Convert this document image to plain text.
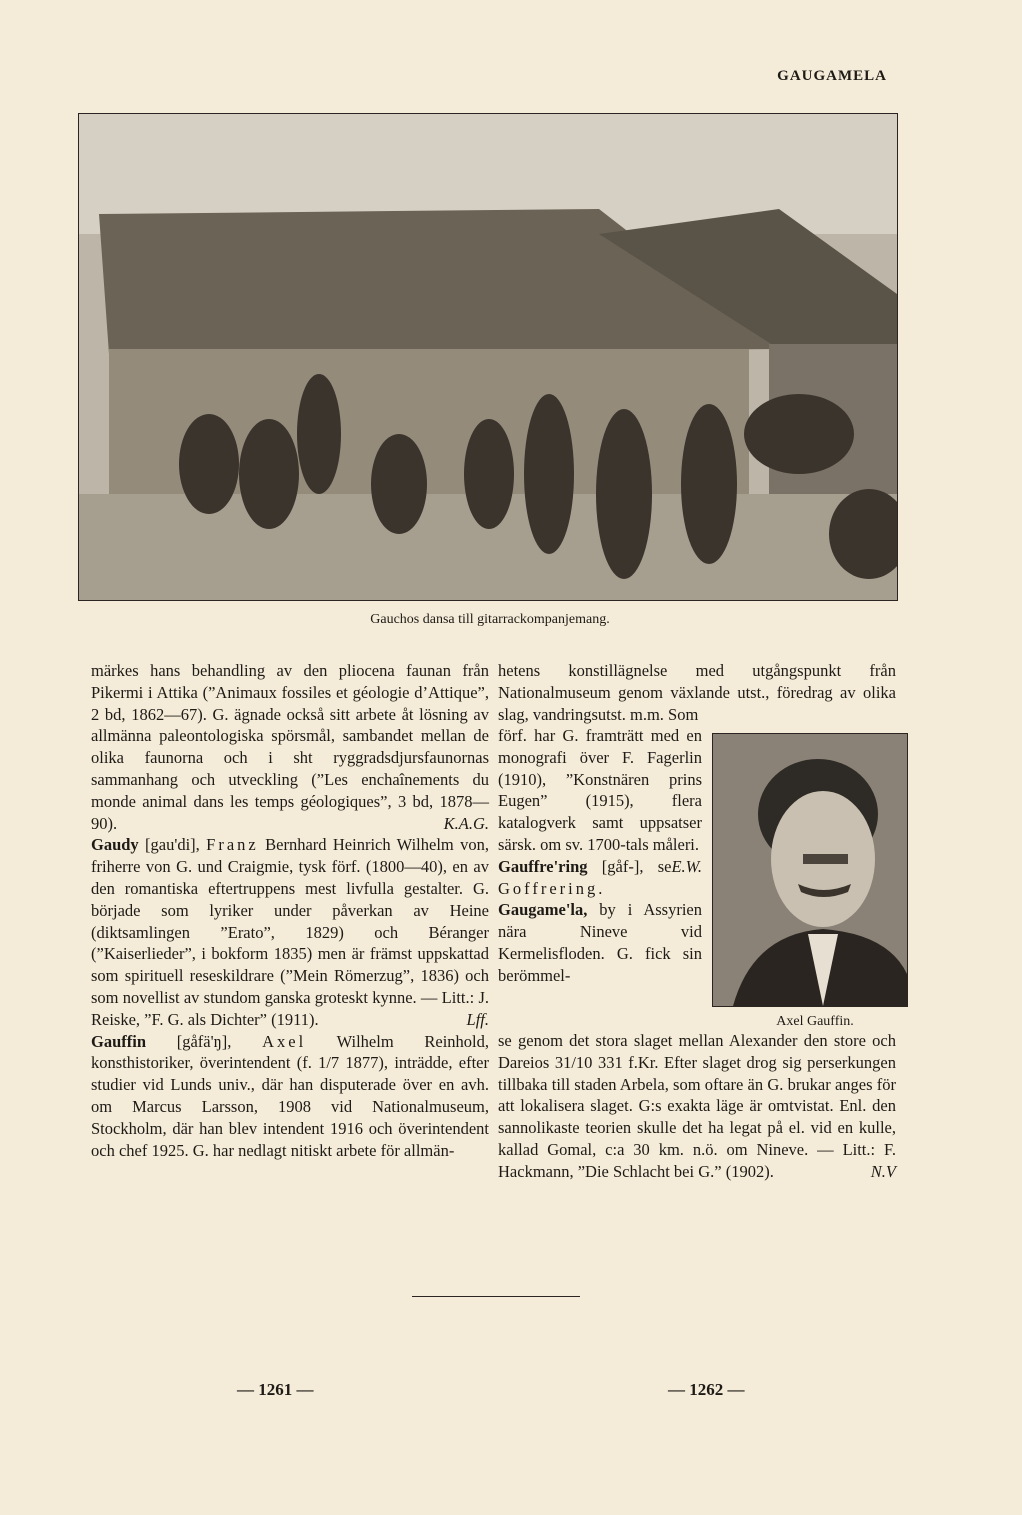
GAUGAMELA
Gauchos dansa till gitarrackompanjemang.

märkes hans behandling av den pliocena faunan från Pikermi i Attika (”Animaux fossiles et géologie d’Attique”, 2 bd, 1862—67). G. ägnade också sitt arbete åt lösning av allmänna paleontologiska spörsmål, sambandet mellan de olika faunorna och i sht ryggradsdjursfaunornas sammanhang och utveckling (”Les enchaînements du monde animal dans les temps géologiques”, 3 bd, 1878—90).	K.A.G.

Gaudy [gau'di], Franz Bernhard Heinrich Wilhelm von, friherre von G. und Craigmie, tysk förf. (1800—40), en av den romantiska eftertruppens mest livfulla gestalter. G. började som lyriker under påverkan av Heine (diktsamlingen ”Erato”, 1829) och Béranger (”Kaiserlieder”, i bokform 1835) men är främst uppskattad som spirituell reseskildrare (”Mein Römerzug”, 1836) och som novellist av stundom ganska groteskt kynne. — Litt.: J. Reiske, ”F. G. als Dichter” (1911).	Lff.

Gauffin [gåfä'ŋ], Axel Wilhelm Reinhold, konsthistoriker, överintendent (f. 1/7 1877), inträdde, efter studier vid Lunds univ., där han disputerade över en avh. om Marcus Larsson, 1908 vid Nationalmuseum, Stockholm, där han blev intendent 1916 och överintendent och chef 1925. G. har nedlagt nitiskt arbete för allmän-

hetens konstillägnelse med utgångspunkt från Nationalmuseum genom växlande utst., föredrag av olika slag, vandringsutst. m.m. Som

förf. har G. framträtt med en monografi över F. Fagerlin (1910), ”Konstnären prins Eugen” (1915), flera katalogverk samt uppsatser särsk. om sv. 1700-tals måleri.
E.W.

Gauffre'ring [gåf-], se Goffrering.

Gaugame'la, by i Assyrien nära Nineve vid Kermelisfloden. G. fick sin berömmel-

Axel Gauffin.

se genom det stora slaget mellan Alexander den store och Dareios 31/10 331 f.Kr. Efter slaget drog sig perserkungen tillbaka till staden Arbela, som oftare än G. brukar anges för att lokalisera slaget. G:s exakta läge är omtvistat. Enl. den sannolikaste teorien skulle det ha legat på el. vid en kulle, kallad Gomal, c:a 30 km. n.ö. om Nineve. — Litt.: F. Hackmann, ”Die Schlacht bei G.” (1902).	N.V

— 1261 —	— 1262 —
